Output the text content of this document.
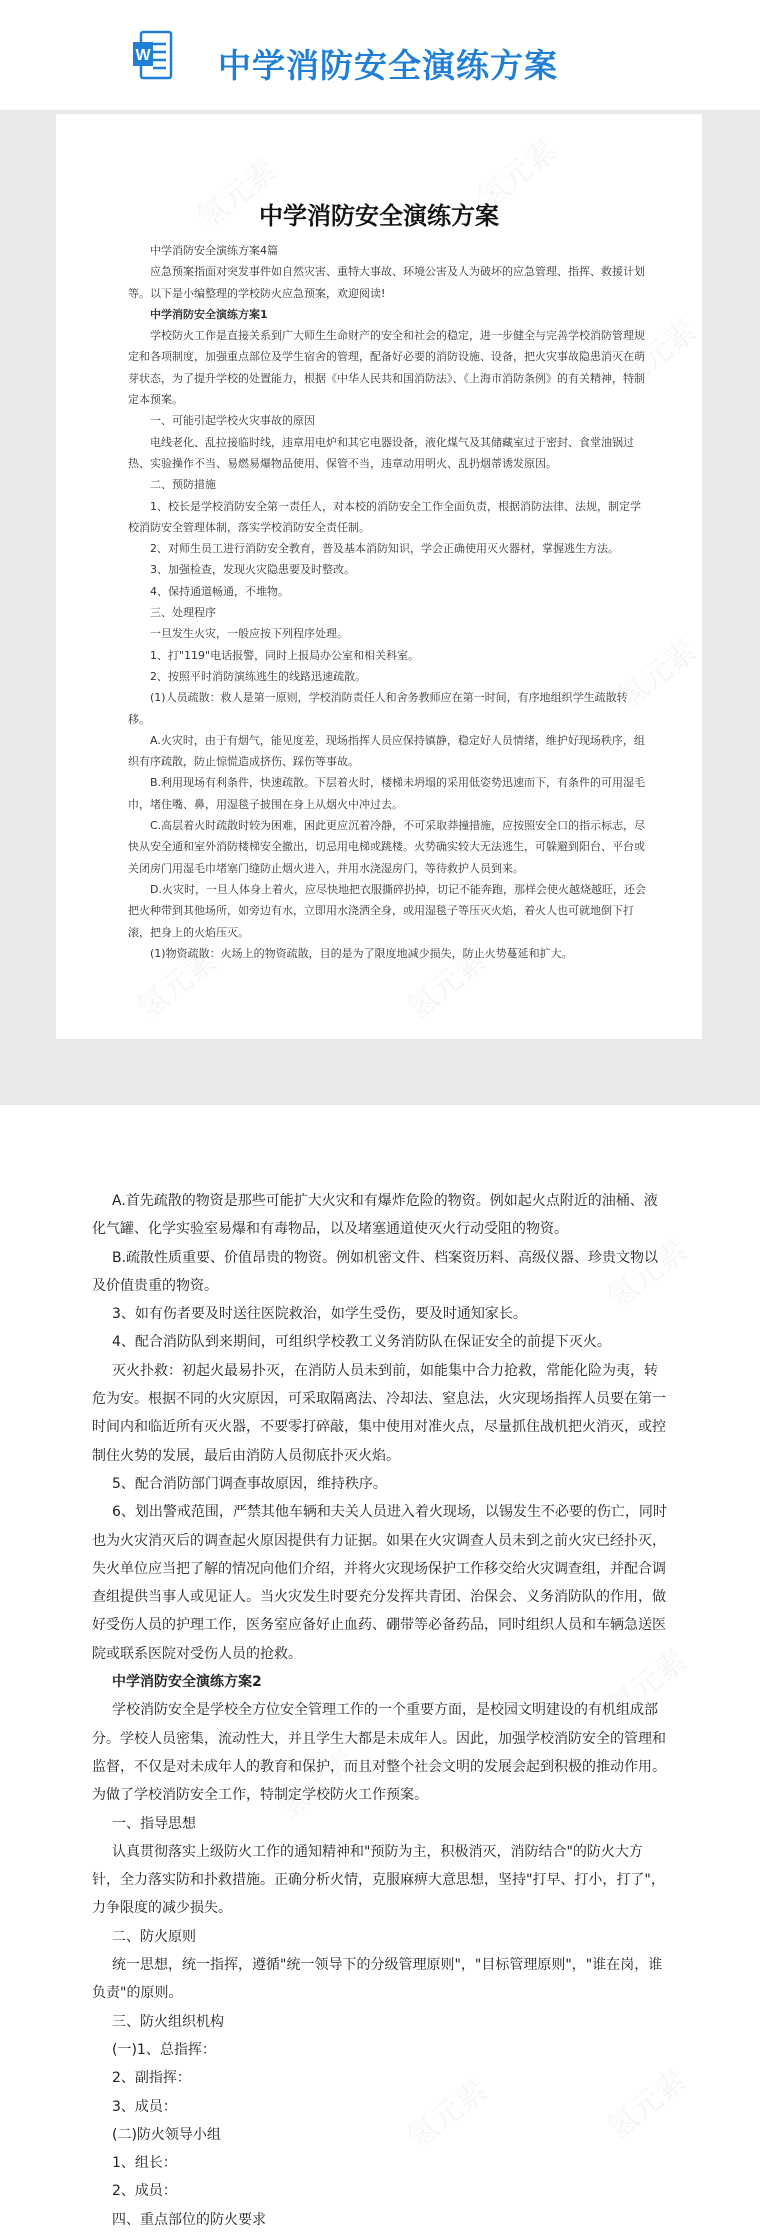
W 中学消防安全演练方案
中学消防安全演练方案

中学消防安全演练方案4篇

应急预案指面对突发事件如自然灾害、重特大事故、环境公害及人为破坏的应急管理、指挥、救援计划等。以下是小编整理的学校防火应急预案，欢迎阅读!

中学消防安全演练方案1

学校防火工作是直接关系到广大师生生命财产的安全和社会的稳定，进一步健全与完善学校消防管理规定和各项制度，加强重点部位及学生宿舍的管理，配备好必要的消防设施、设备，把火灾事故隐患消灭在萌芽状态，为了提升学校的处置能力，根据《中华人民共和国消防法》、《上海市消防条例》的有关精神，特制定本预案。

一、可能引起学校火灾事故的原因

电线老化、乱拉接临时线，违章用电炉和其它电器设备，液化煤气及其储藏室过于密封、食堂油锅过热、实验操作不当、易燃易爆物品使用、保管不当，违章动用明火、乱扔烟蒂诱发原因。

二、预防措施

1、校长是学校消防安全第一责任人，对本校的消防安全工作全面负责，根据消防法律、法规，制定学校消防安全管理体制，落实学校消防安全责任制。

2、对师生员工进行消防安全教育，普及基本消防知识，学会正确使用灭火器材，掌握逃生方法。

3、加强检查，发现火灾隐患要及时整改。

4、保持通道畅通，不堆物。

三、处理程序

一旦发生火灾，一般应按下列程序处理。

1、打"119"电话报警，同时上报局办公室和相关科室。

2、按照平时消防演练逃生的线路迅速疏散。

(1)人员疏散：救人是第一原则，学校消防责任人和舍务教师应在第一时间，有序地组织学生疏散转移。

A.火灾时，由于有烟气，能见度差，现场指挥人员应保持镇静，稳定好人员情绪，维护好现场秩序，组织有序疏散，防止惊慌造成挤伤、踩伤等事故。

B.利用现场有利条件，快速疏散。下层着火时，楼梯未坍塌的采用低姿势迅速而下，有条件的可用湿毛巾，堵住嘴、鼻，用湿毯子披围在身上从烟火中冲过去。

C.高层着火时疏散时较为困难，困此更应沉着冷静，不可采取莽撞措施，应按照安全口的指示标志，尽快从安全通和室外消防楼梯安全撤出，切忌用电梯或跳楼。火势确实较大无法逃生，可躲避到阳台、平台或关闭房门用湿毛巾堵塞门缝防止烟火进入，并用水浇湿房门，等待救护人员到来。

D.火灾时，一旦人体身上着火，应尽快地把衣服撕碎扔掉，切记不能奔跑，那样会使火越烧越旺，还会把火种带到其他场所，如旁边有水，立即用水浇洒全身，或用湿毯子等压灭火焰，着火人也可就地倒下打滚，把身上的火焰压灭。

(1)物资疏散：火场上的物资疏散，目的是为了限度地减少损失，防止火势蔓延和扩大。

A.首先疏散的物资是那些可能扩大火灾和有爆炸危险的物资。例如起火点附近的油桶、液化气罐、化学实验室易爆和有毒物品，以及堵塞通道使灭火行动受阻的物资。

B.疏散性质重要、价值昂贵的物资。例如机密文件、档案资历料、高级仪器、珍贵文物以及价值贵重的物资。

3、如有伤者要及时送往医院救治，如学生受伤，要及时通知家长。

4、配合消防队到来期间，可组织学校教工义务消防队在保证安全的前提下灭火。

灭火扑救：初起火最易扑灭，在消防人员未到前，如能集中合力抢救，常能化险为夷，转危为安。根据不同的火灾原因，可采取隔离法、冷却法、窒息法，火灾现场指挥人员要在第一时间内和临近所有灭火器，不要零打碎敲，集中使用对准火点，尽量抓住战机把火消灭，或控制住火势的发展，最后由消防人员彻底扑灭火焰。

5、配合消防部门调查事故原因，维持秩序。

6、划出警戒范围，严禁其他车辆和夫关人员进入着火现场，以锡发生不必要的伤亡，同时也为火灾消灭后的调查起火原因提供有力证据。如果在火灾调查人员未到之前火灾已经扑灭，失火单位应当把了解的情况向他们介绍，并将火灾现场保护工作移交给火灾调查组，并配合调查组提供当事人或见证人。当火灾发生时要充分发挥共青团、治保会、义务消防队的作用，做好受伤人员的护理工作，医务室应备好止血药、硼带等必备药品，同时组织人员和车辆急送医院或联系医院对受伤人员的抢救。

中学消防安全演练方案2

学校消防安全是学校全方位安全管理工作的一个重要方面，是校园文明建设的有机组成部分。学校人员密集，流动性大，并且学生大都是未成年人。因此，加强学校消防安全的管理和监督，不仅是对未成年人的教育和保护，而且对整个社会文明的发展会起到积极的推动作用。为做了学校消防安全工作，特制定学校防火工作预案。

一、指导思想

认真贯彻落实上级防火工作的通知精神和"预防为主，积极消灭，消防结合"的防火大方针，全力落实防和扑救措施。正确分析火情，克服麻痹大意思想，坚持"打早、打小，打了"，力争限度的减少损失。

二、防火原则

统一思想，统一指挥，遵循"统一领导下的分级管理原则"，"目标管理原则"，"谁在岗，谁负责"的原则。

三、防火组织机构

(一)1、总指挥：

2、副指挥：

3、成员：

(二)防火领导小组

1、组长：

2、成员：

四、重点部位的防火要求
